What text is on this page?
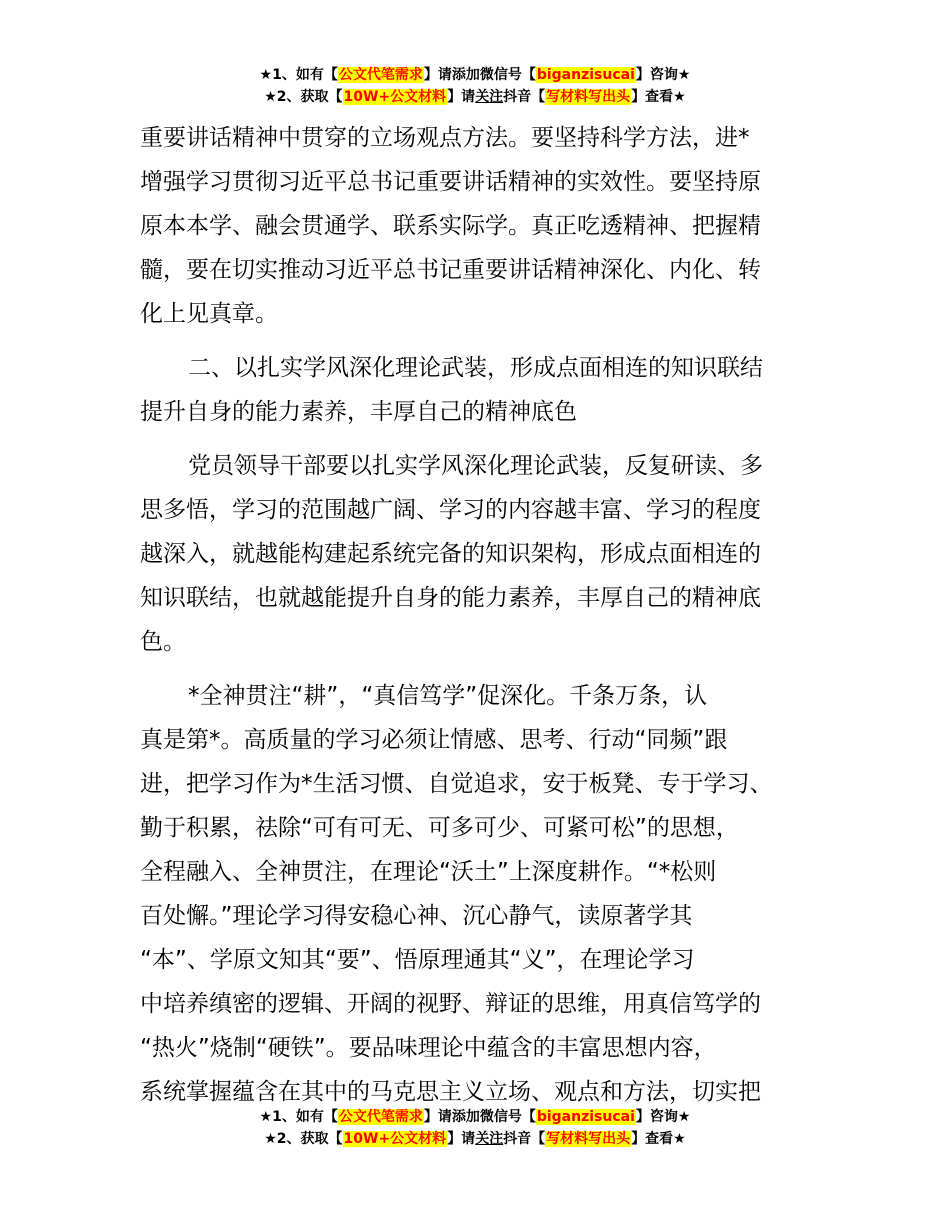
★1、如有【公文代笔需求】请添加微信号【biganzisucai】咨询★
★2、获取【10W+公文材料】请关注抖音【写材料写出头】查看★

重要讲话精神中贯穿的立场观点方法。要坚持科学方法，进*

增强学习贯彻习近平总书记重要讲话精神的实效性。要坚持原

原本本学、融会贯通学、联系实际学。真正吃透精神、把握精

髓，要在切实推动习近平总书记重要讲话精神深化、内化、转

化上见真章。

二、以扎实学风深化理论武装，形成点面相连的知识联结

提升自身的能力素养，丰厚自己的精神底色

党员领导干部要以扎实学风深化理论武装，反复研读、多

思多悟，学习的范围越广阔、学习的内容越丰富、学习的程度

越深入，就越能构建起系统完备的知识架构，形成点面相连的

知识联结，也就越能提升自身的能力素养，丰厚自己的精神底

色。

*全神贯注“耕”，“真信笃学”促深化。千条万条，认

真是第*。高质量的学习必须让情感、思考、行动“同频”跟

进，把学习作为*生活习惯、自觉追求，安于板凳、专于学习、

勤于积累，祛除“可有可无、可多可少、可紧可松”的思想，

全程融入、全神贯注，在理论“沃土”上深度耕作。“*松则

百处懈。”理论学习得安稳心神、沉心静气，读原著学其

“本”、学原文知其“要”、悟原理通其“义”，在理论学习

中培养缜密的逻辑、开阔的视野、辩证的思维，用真信笃学的

“热火”烧制“硬铁”。要品味理论中蕴含的丰富思想内容，

系统掌握蕴含在其中的马克思主义立场、观点和方法，切实把

★1、如有【公文代笔需求】请添加微信号【biganzisucai】咨询★
★2、获取【10W+公文材料】请关注抖音【写材料写出头】查看★
